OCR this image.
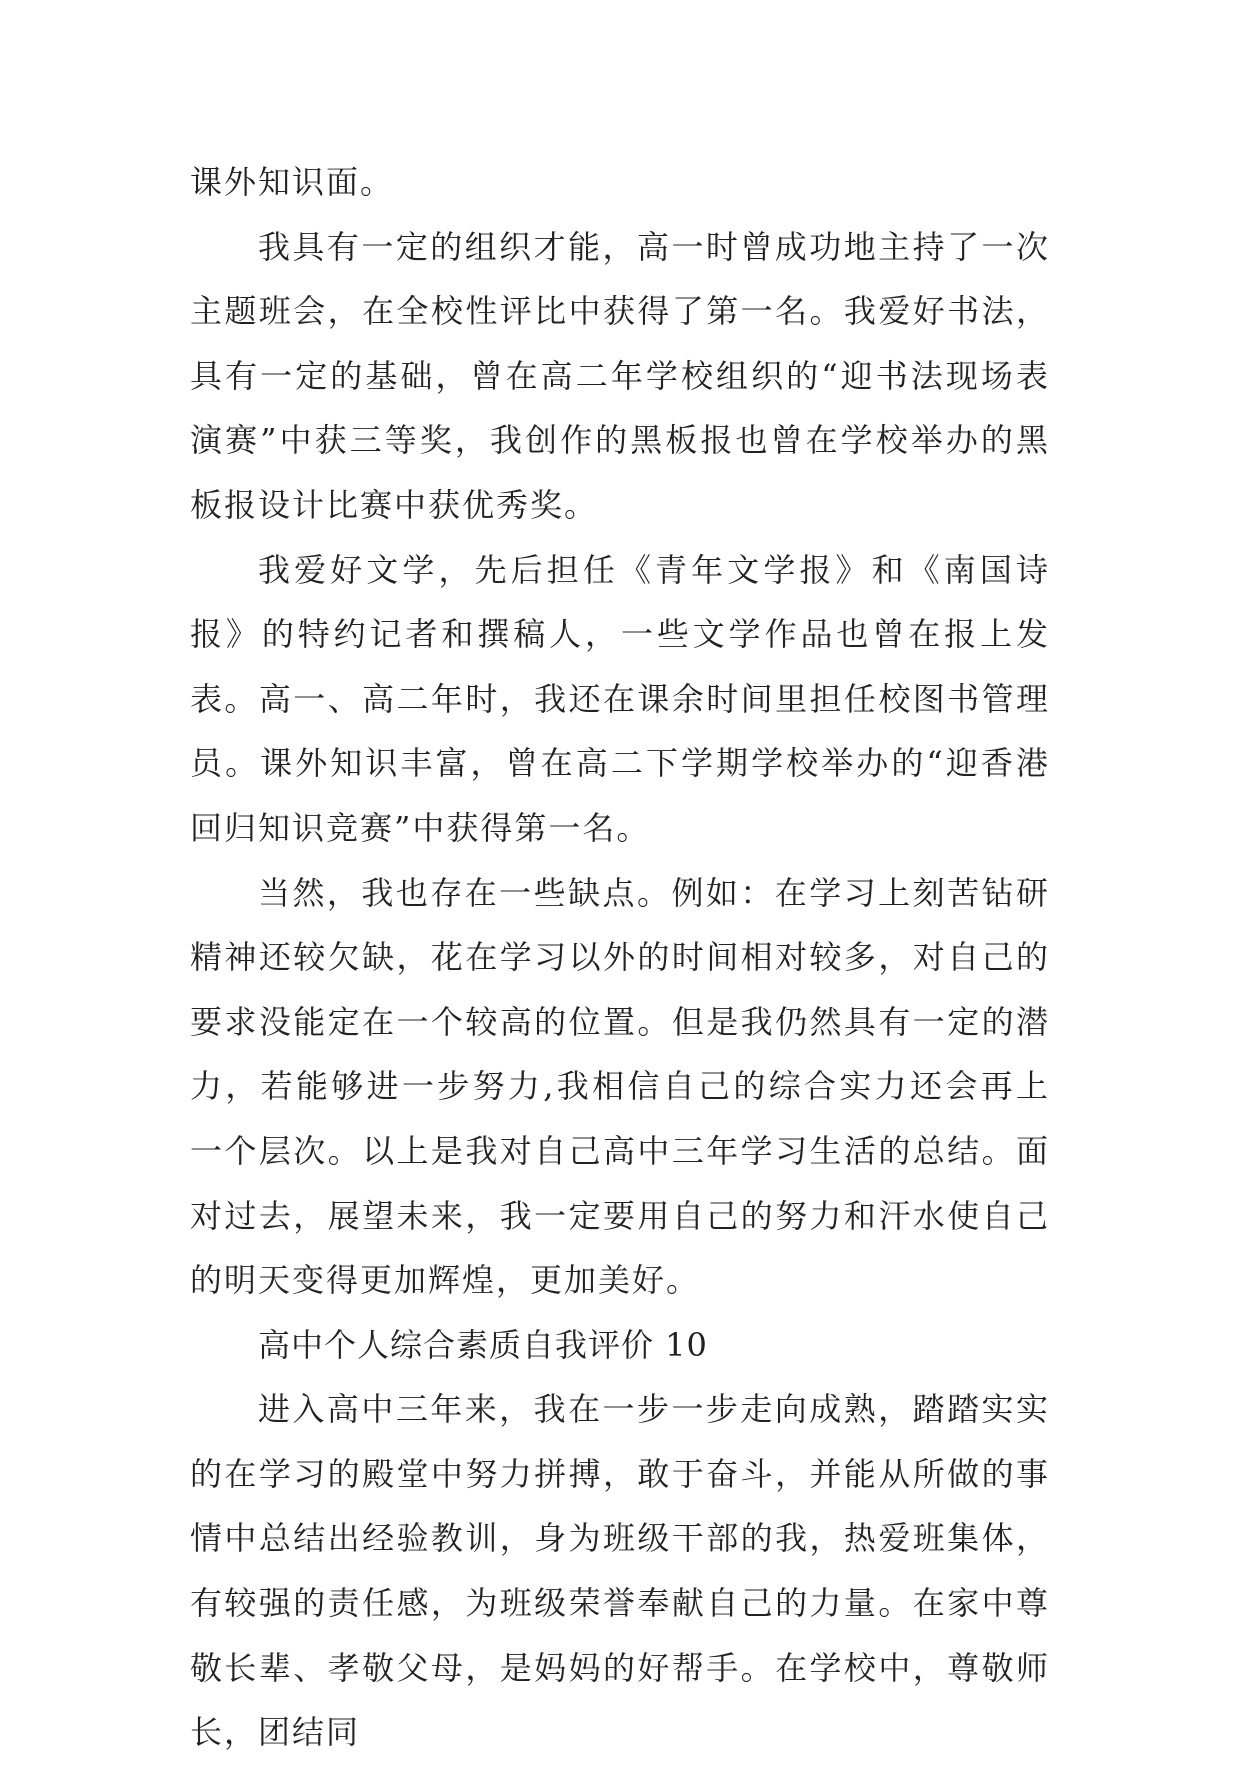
课外知识面。

我具有一定的组织才能，高一时曾成功地主持了一次主题班会，在全校性评比中获得了第一名。我爱好书法，具有一定的基础，曾在高二年学校组织的“迎书法现场表演赛”中获三等奖，我创作的黑板报也曾在学校举办的黑板报设计比赛中获优秀奖。

我爱好文学，先后担任《青年文学报》和《南国诗报》的特约记者和撰稿人，一些文学作品也曾在报上发表。高一、高二年时，我还在课余时间里担任校图书管理员。课外知识丰富，曾在高二下学期学校举办的“迎香港回归知识竞赛”中获得第一名。

当然，我也存在一些缺点。例如：在学习上刻苦钻研精神还较欠缺，花在学习以外的时间相对较多，对自己的要求没能定在一个较高的位置。但是我仍然具有一定的潜力，若能够进一步努力,我相信自己的综合实力还会再上一个层次。以上是我对自己高中三年学习生活的总结。面对过去，展望未来，我一定要用自己的努力和汗水使自己的明天变得更加辉煌，更加美好。

高中个人综合素质自我评价 10

进入高中三年来，我在一步一步走向成熟，踏踏实实的在学习的殿堂中努力拼搏，敢于奋斗，并能从所做的事情中总结出经验教训，身为班级干部的我，热爱班集体，有较强的责任感，为班级荣誉奉献自己的力量。在家中尊敬长辈、孝敬父母，是妈妈的好帮手。在学校中，尊敬师长，团结同
